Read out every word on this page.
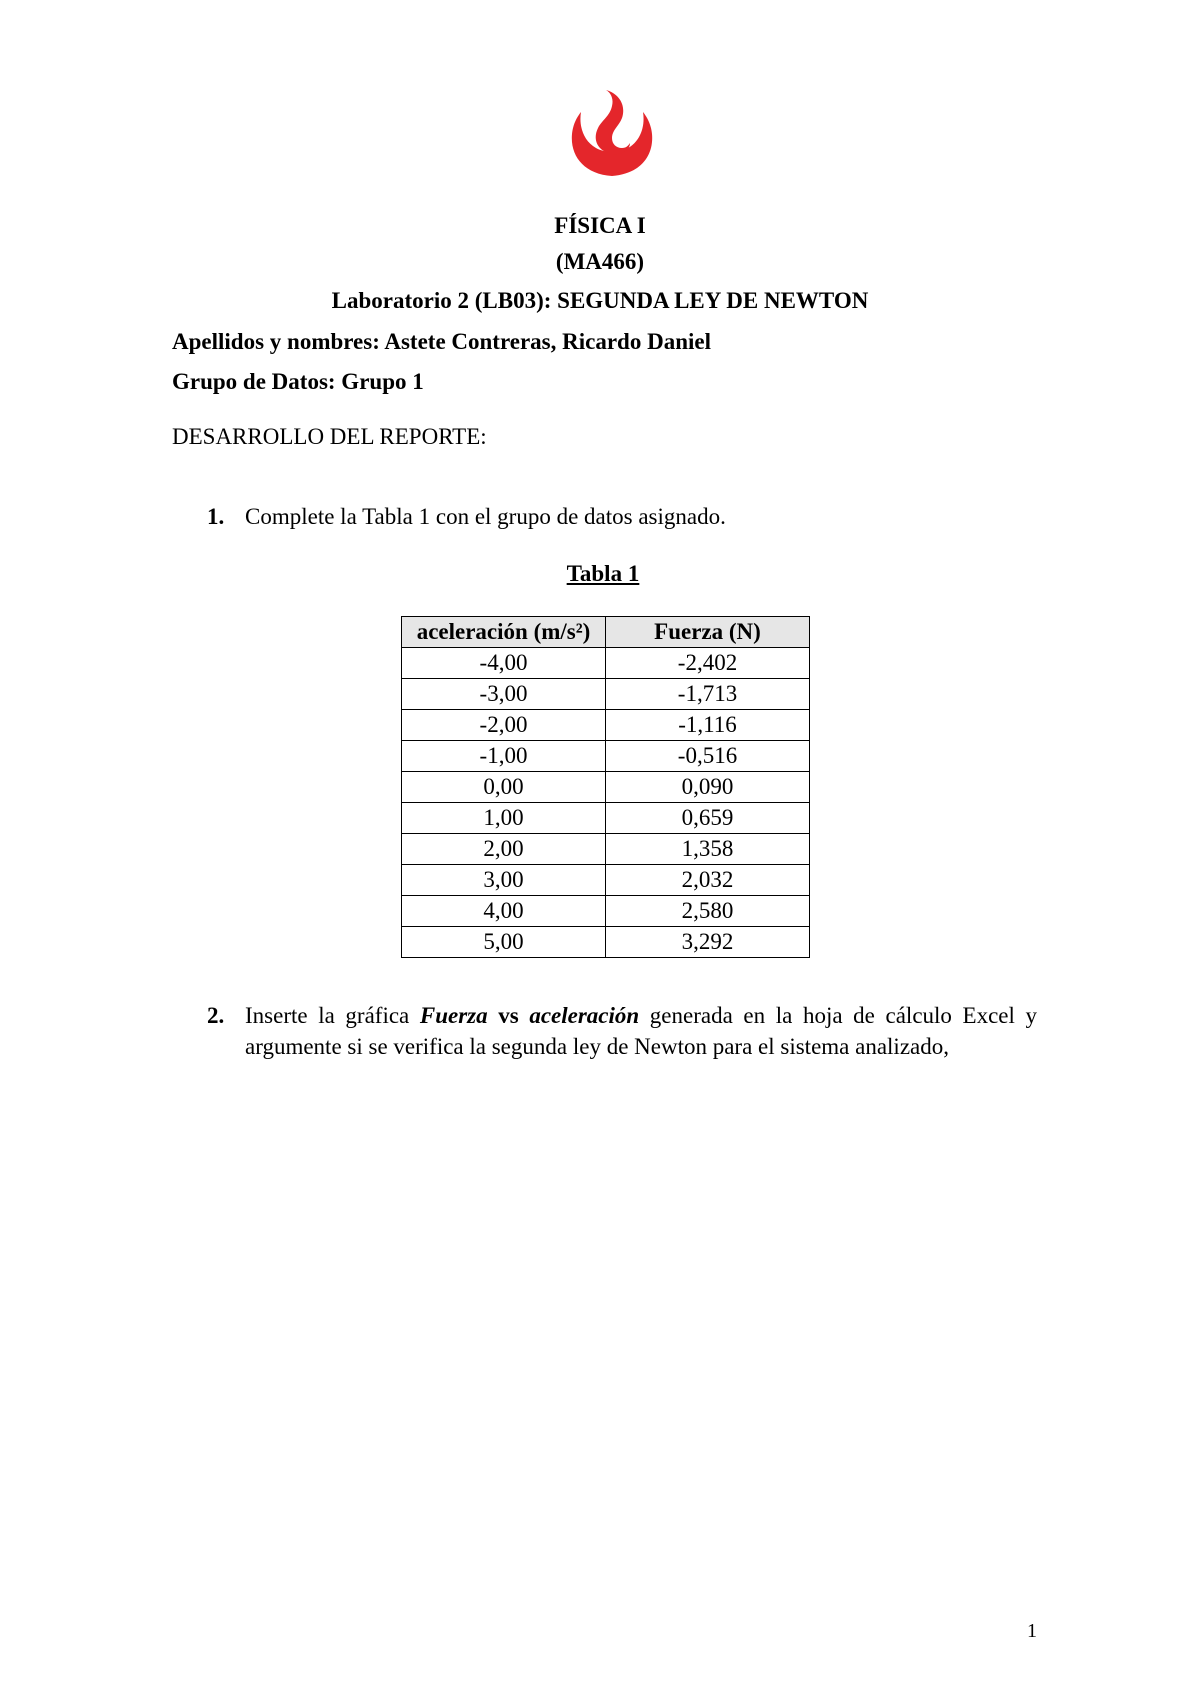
FÍSICA I
(MA466)
Laboratorio 2 (LB03): SEGUNDA LEY DE NEWTON
Apellidos y nombres: Astete Contreras, Ricardo Daniel
Grupo de Datos: Grupo 1
DESARROLLO DEL REPORTE:
1. Complete la Tabla 1 con el grupo de datos asignado.
Tabla 1
aceleración (m/s²)	Fuerza (N)
-4,00	-2,402
-3,00	-1,713
-2,00	-1,116
-1,00	-0,516
0,00	0,090
1,00	0,659
2,00	1,358
3,00	2,032
4,00	2,580
5,00	3,292
2. Inserte la gráfica Fuerza vs aceleración generada en la hoja de cálculo Excel y argumente si se verifica la segunda ley de Newton para el sistema analizado,
1
